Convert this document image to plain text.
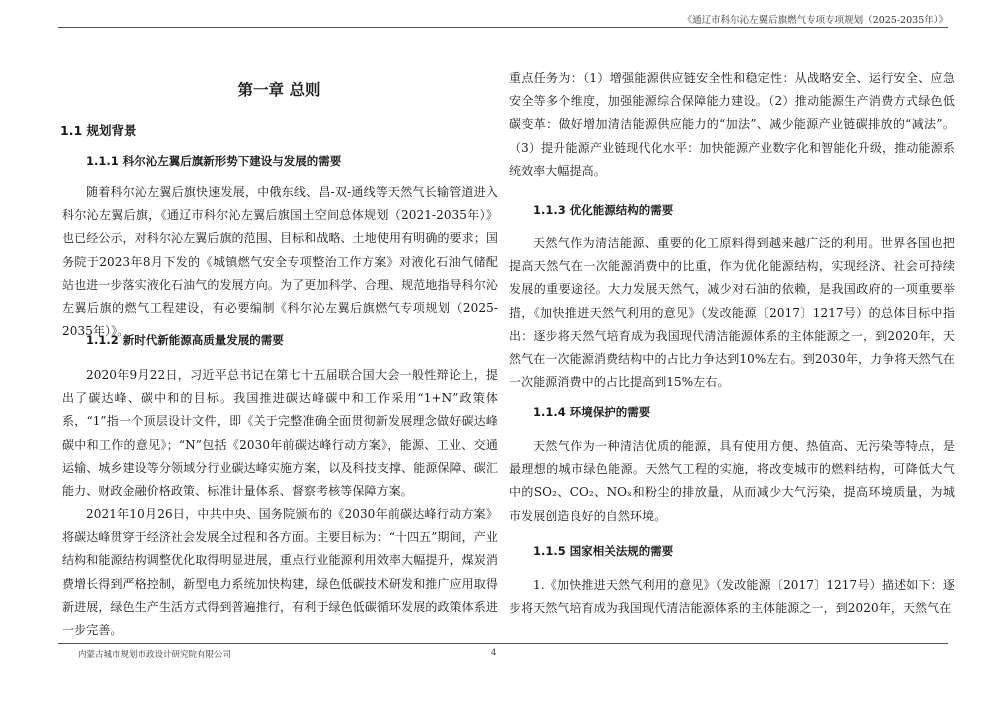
《通辽市科尔沁左翼后旗燃气专项专项规划（2025-2035年）》
第一章 总则
1.1 规划背景
1.1.1 科尔沁左翼后旗新形势下建设与发展的需要

随着科尔沁左翼后旗快速发展，中俄东线、昌-双-通线等天然气长输管道进入科尔沁左翼后旗，《通辽市科尔沁左翼后旗国土空间总体规划（2021-2035年）》也已经公示，对科尔沁左翼后旗的范围、目标和战略、土地使用有明确的要求；国务院于2023年8月下发的《城镇燃气安全专项整治工作方案》对液化石油气储配站也进一步落实液化石油气的发展方向。为了更加科学、合理、规范地指导科尔沁左翼后旗的燃气工程建设，有必要编制《科尔沁左翼后旗燃气专项规划（2025-2035年）》。

1.1.2 新时代新能源高质量发展的需要

2020年9月22日，习近平总书记在第七十五届联合国大会一般性辩论上，提出了碳达峰、碳中和的目标。我国推进碳达峰碳中和工作采用“1+N”政策体系，“1”指一个顶层设计文件，即《关于完整准确全面贯彻新发展理念做好碳达峰碳中和工作的意见》；“N”包括《2030年前碳达峰行动方案》，能源、工业、交通运输、城乡建设等分领域分行业碳达峰实施方案，以及科技支撑、能源保障、碳汇能力、财政金融价格政策、标准计量体系、督察考核等保障方案。

2021年10月26日，中共中央、国务院颁布的《2030年前碳达峰行动方案》将碳达峰贯穿于经济社会发展全过程和各方面。主要目标为：“十四五”期间，产业结构和能源结构调整优化取得明显进展，重点行业能源利用效率大幅提升，煤炭消费增长得到严格控制，新型电力系统加快构建，绿色低碳技术研发和推广应用取得新进展，绿色生产生活方式得到普遍推行，有利于绿色低碳循环发展的政策体系进一步完善。

重点任务为：（1）增强能源供应链安全性和稳定性：从战略安全、运行安全、应急安全等多个维度，加强能源综合保障能力建设。（2）推动能源生产消费方式绿色低碳变革：做好增加清洁能源供应能力的“加法”、减少能源产业链碳排放的“减法”。（3）提升能源产业链现代化水平：加快能源产业数字化和智能化升级，推动能源系统效率大幅提高。

1.1.3 优化能源结构的需要

天然气作为清洁能源、重要的化工原料得到越来越广泛的利用。世界各国也把提高天然气在一次能源消费中的比重，作为优化能源结构，实现经济、社会可持续发展的重要途径。大力发展天然气，减少对石油的依赖，是我国政府的一项重要举措，《加快推进天然气利用的意见》（发改能源〔2017〕1217号）的总体目标中指出：逐步将天然气培育成为我国现代清洁能源体系的主体能源之一，到2020年，天然气在一次能源消费结构中的占比力争达到10%左右。到2030年，力争将天然气在一次能源消费中的占比提高到15%左右。

1.1.4 环境保护的需要

天然气作为一种清洁优质的能源，具有使用方便、热值高、无污染等特点，是最理想的城市绿色能源。天然气工程的实施，将改变城市的燃料结构，可降低大气中的SO₂、CO₂、NOₓ和粉尘的排放量，从而减少大气污染，提高环境质量，为城市发展创造良好的自然环境。

1.1.5 国家相关法规的需要

1.《加快推进天然气利用的意见》（发改能源〔2017〕1217号）描述如下：逐步将天然气培育成为我国现代清洁能源体系的主体能源之一，到2020年，天然气在

内蒙古城市规划市政设计研究院有限公司	4
